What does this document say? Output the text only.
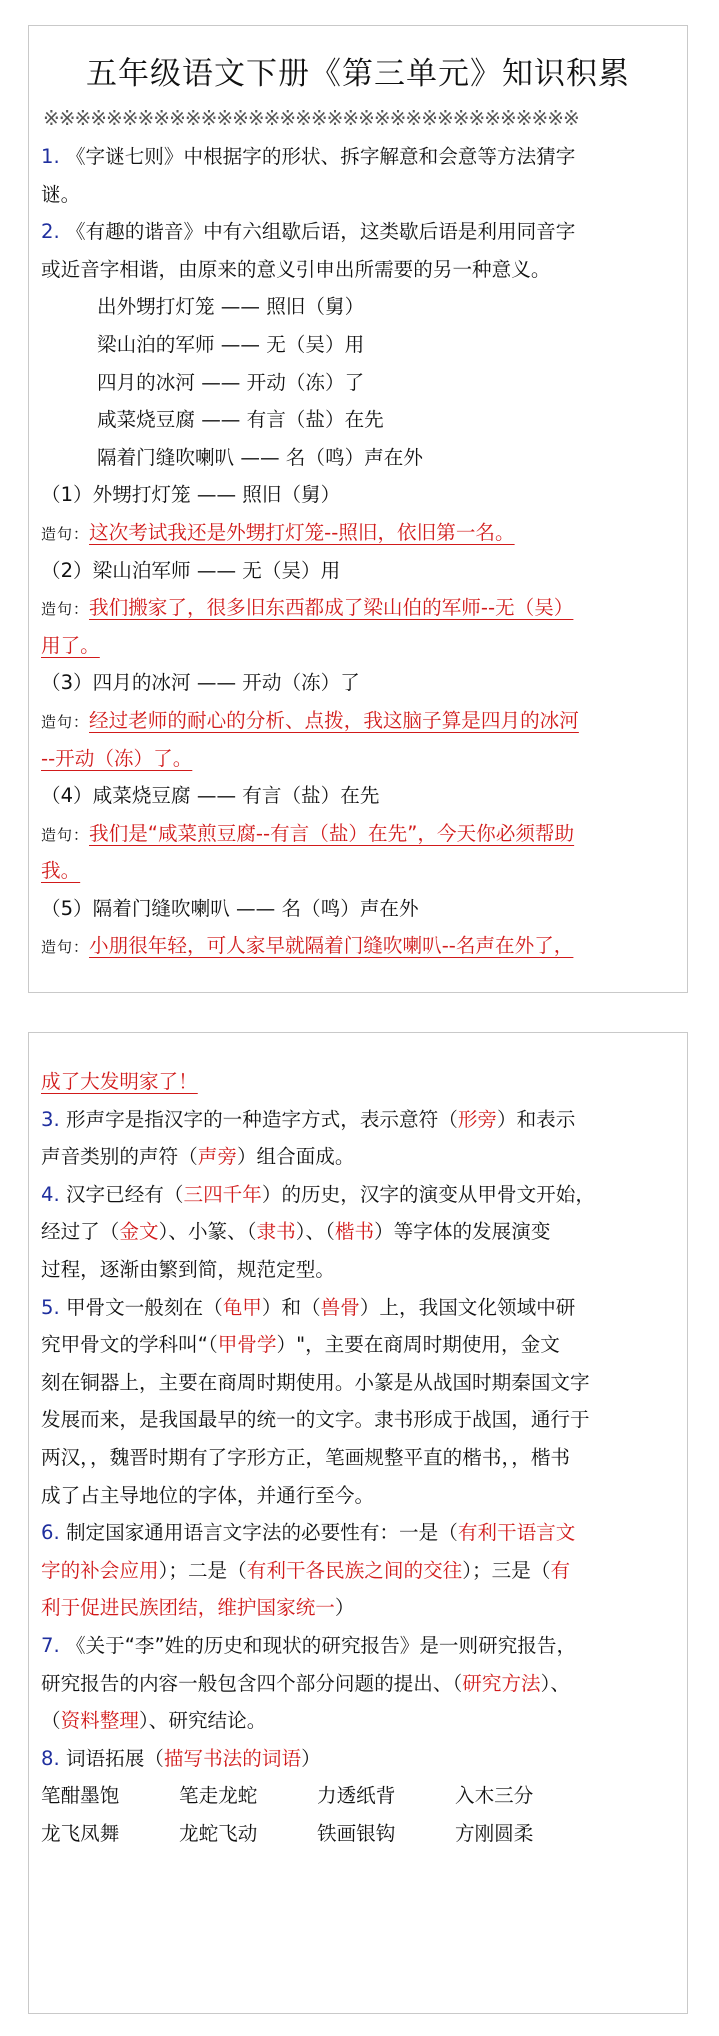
五年级语文下册《第三单元》知识积累
※※※※※※※※※※※※※※※※※※※※※※※※※※※※※※※※※※
1. 《字谜七则》中根据字的形状、拆字解意和会意等方法猜字
谜。
2. 《有趣的谐音》中有六组歇后语，这类歇后语是利用同音字
或近音字相谐，由原来的意义引申出所需要的另一种意义。
出外甥打灯笼 —— 照旧（舅）
梁山泊的军师 —— 无（吴）用
四月的冰河 —— 开动（冻）了
咸菜烧豆腐 —— 有言（盐）在先
隔着门缝吹喇叭 —— 名（鸣）声在外
（1）外甥打灯笼 —— 照旧（舅）
造句：这次考试我还是外甥打灯笼--照旧，依旧第一名。
（2）梁山泊军师 —— 无（吴）用
造句：我们搬家了，很多旧东西都成了梁山伯的军师--无（吴）
用了。
（3）四月的冰河 —— 开动（冻）了
造句：经过老师的耐心的分析、点拨，我这脑子算是四月的冰河
--开动（冻）了。
（4）咸菜烧豆腐 —— 有言（盐）在先
造句：我们是“咸菜煎豆腐--有言（盐）在先”，今天你必须帮助
我。
（5）隔着门缝吹喇叭 —— 名（鸣）声在外
造句：小朋很年轻，可人家早就隔着门缝吹喇叭--名声在外了，
成了大发明家了！
3. 形声字是指汉字的一种造字方式，表示意符（形旁）和表示
声音类别的声符（声旁）组合面成。
4. 汉字已经有（三四千年）的历史，汉字的演变从甲骨文开始，
经过了（金文）、小篆、（隶书）、（楷书）等字体的发展演变
过程，逐渐由繁到简，规范定型。
5. 甲骨文一般刻在（龟甲）和（兽骨）上，我国文化领域中研
究甲骨文的学科叫“（甲骨学）"，主要在商周时期使用，金文
刻在铜器上，主要在商周时期使用。小篆是从战国时期秦国文字
发展而来，是我国最早的统一的文字。隶书形成于战国，通行于
两汉，，魏晋时期有了字形方正，笔画规整平直的楷书，，楷书
成了占主导地位的字体，并通行至今。
6. 制定国家通用语言文字法的必要性有：一是（有利干语言文
字的补会应用）；二是（有利干各民族之间的交往）；三是（有
利于促进民族团结，维护国家统一）
7. 《关于“李”姓的历史和现状的研究报告》是一则研究报告，
研究报告的内容一般包含四个部分问题的提出、（研究方法）、
（资料整理）、研究结论。
8. 词语拓展（描写书法的词语）
笔酣墨饱	笔走龙蛇	力透纸背	入木三分
龙飞凤舞	龙蛇飞动	铁画银钩	方刚圆柔
